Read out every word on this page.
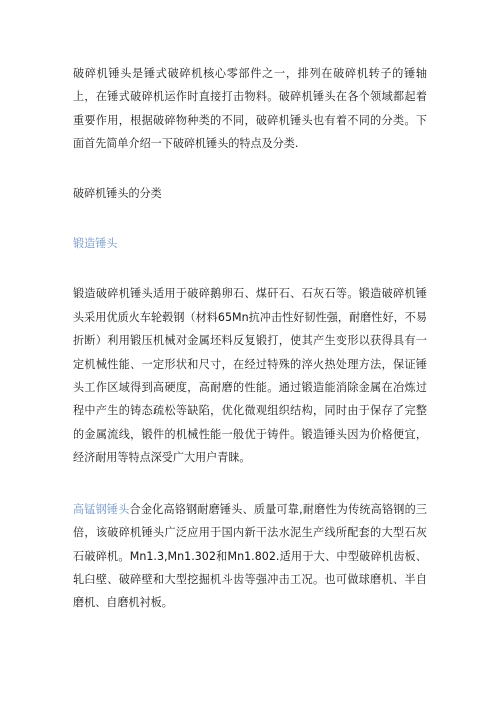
破碎机锤头是锤式破碎机核心零部件之一，排列在破碎机转子的锤轴上，在锤式破碎机运作时直接打击物料。破碎机锤头在各个领域都起着重要作用，根据破碎物种类的不同，破碎机锤头也有着不同的分类。下面首先简单介绍一下破碎机锤头的特点及分类.

破碎机锤头的分类

锻造锤头

锻造破碎机锤头适用于破碎鹅卵石、煤矸石、石灰石等。锻造破碎机锤头采用优质火车轮毂钢（材料65Mn抗冲击性好韧性强，耐磨性好，不易折断）利用锻压机械对金属坯料反复锻打，使其产生变形以获得具有一定机械性能、一定形状和尺寸，在经过特殊的淬火热处理方法，保证锤头工作区域得到高硬度，高耐磨的性能。通过锻造能消除金属在冶炼过程中产生的铸态疏松等缺陷，优化微观组织结构，同时由于保存了完整的金属流线，锻件的机械性能一般优于铸件。锻造锤头因为价格便宜，经济耐用等特点深受广大用户青睐。

高锰钢锤头合金化高铬钢耐磨锤头、质量可靠,耐磨性为传统高铬钢的三倍，该破碎机锤头广泛应用于国内新干法水泥生产线所配套的大型石灰石破碎机。Mn1.3,Mn1.302和Mn1.802.适用于大、中型破碎机齿板、轧臼壁、破碎壁和大型挖掘机斗齿等强冲击工况。也可做球磨机、半自磨机、自磨机衬板。
